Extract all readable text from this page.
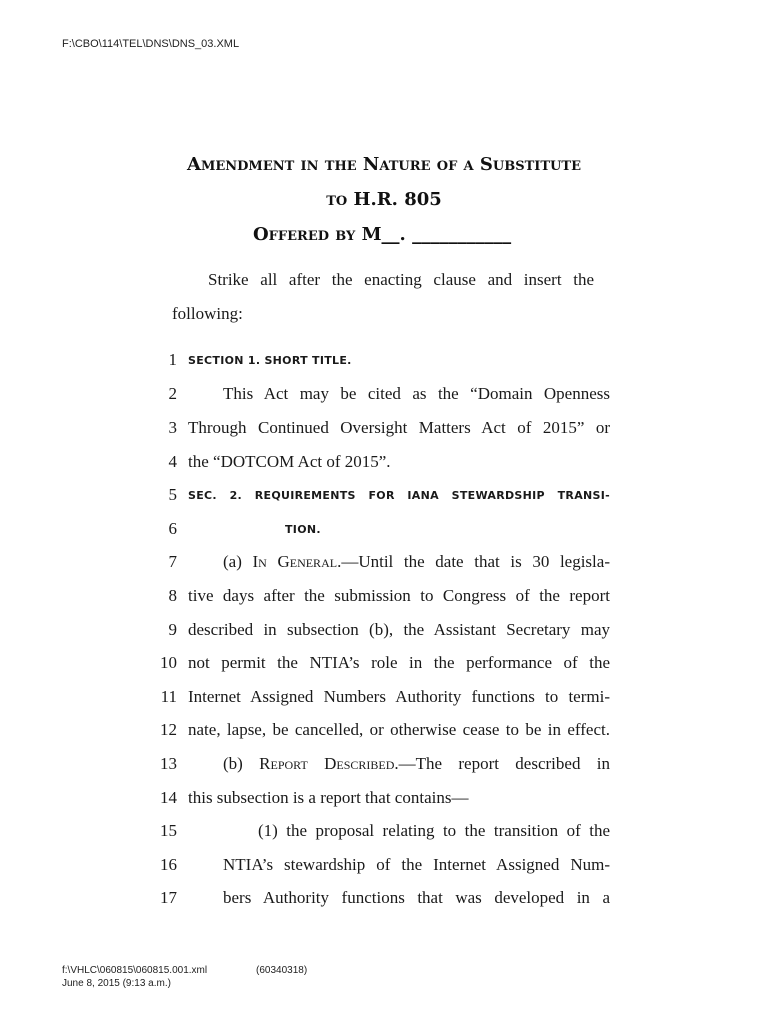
F:\CBO\114\TEL\DNS\DNS_03.XML
Amendment in the Nature of a Substitute
to H.R. 805
Offered by M__. ___________
Strike all after the enacting clause and insert the
following:
1 SECTION 1. SHORT TITLE.
2	This Act may be cited as the “Domain Openness
3 Through Continued Oversight Matters Act of 2015” or
4 the “DOTCOM Act of 2015”.
5 SEC. 2. REQUIREMENTS FOR IANA STEWARDSHIP TRANSI-
6	TION.
7	(a) In General.—Until the date that is 30 legisla-
8 tive days after the submission to Congress of the report
9 described in subsection (b), the Assistant Secretary may
10 not permit the NTIA’s role in the performance of the
11 Internet Assigned Numbers Authority functions to termi-
12 nate, lapse, be cancelled, or otherwise cease to be in effect.
13	(b) Report Described.—The report described in
14 this subsection is a report that contains—
15	(1) the proposal relating to the transition of the
16	NTIA’s stewardship of the Internet Assigned Num-
17	bers Authority functions that was developed in a
f:\VHLC\060815\060815.001.xml	(60340318)
June 8, 2015 (9:13 a.m.)
